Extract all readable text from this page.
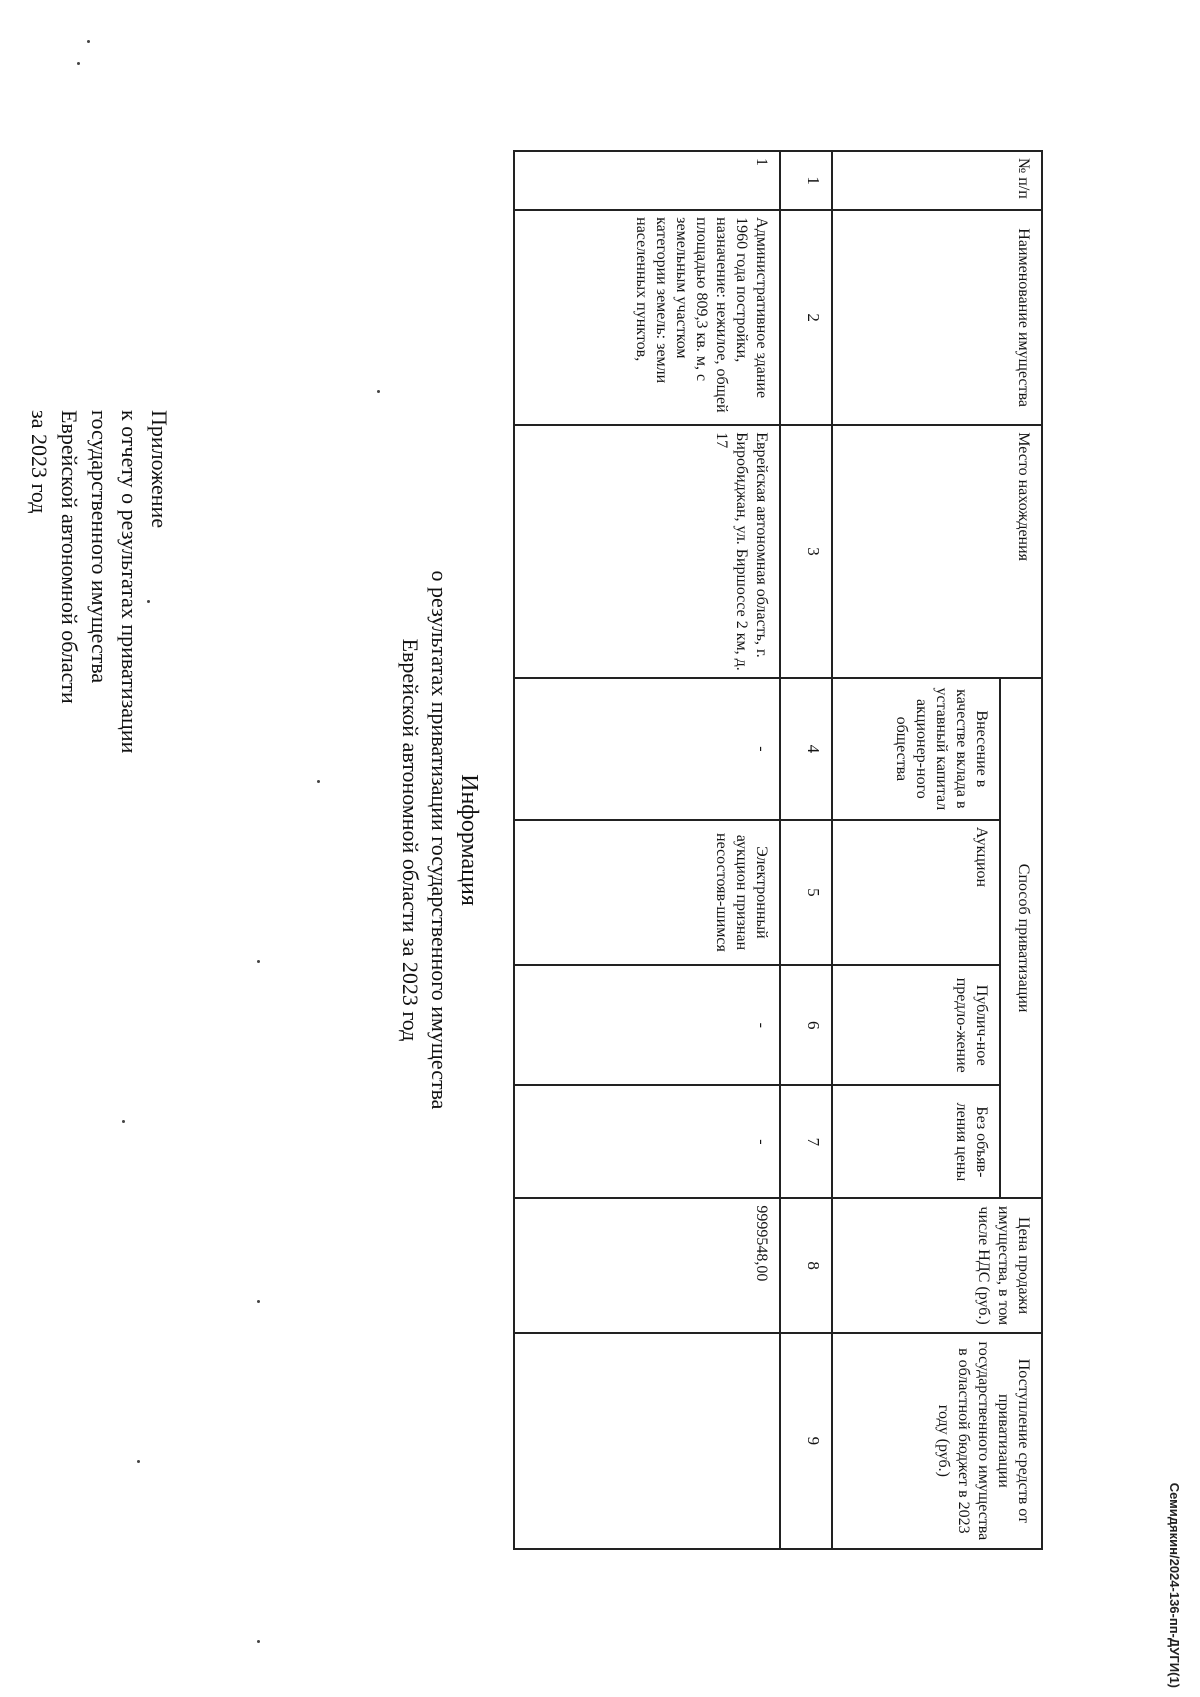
Семидякин/2024-136-пп-ДУГИ(1)
Приложение
к отчету о результатах приватизации
государственного имущества
Еврейской автономной области
за 2023 год
Информация
о результатах приватизации государственного имущества
Еврейской автономной области за 2023 год
№ п/п	Наименование имущества	Место нахождения	Способ приватизации				Цена продажи имущества, в том числе НДС (руб.)	Поступление средств от приватизации государственного имущества в областной бюджет в 2023 году (руб.)
			Внесение в качестве вклада в уставный капитал акционер-ного общества	Аукцион	Публич-ное предло-жение	Без объяв-ления цены		
1	2	3	4	5	6	7	8	9
1	Административное здание 1960 года постройки, назначение: нежилое, общей площадью 809,3 кв. м, с земельным участком категории земель: земли населенных пунктов,	Еврейская автономная область, г. Биробиджан, ул. Биршоссе 2 км, д. 17	-	Электронный аукцион признан несостояв-шимся	-	-	9999548,00	
